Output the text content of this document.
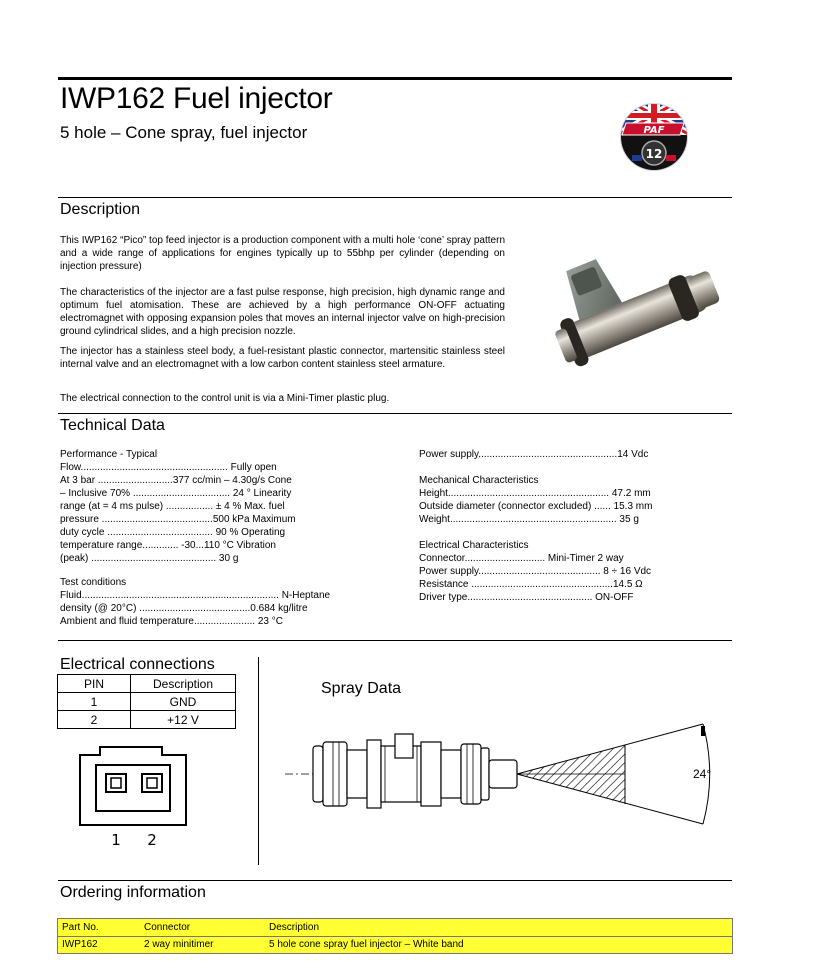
IWP162 Fuel injector
5 hole – Cone spray, fuel injector	PAF
12
Description
This IWP162 “Pico” top feed injector is a production component with a multi hole ‘cone’ spray pattern and a wide range of applications for engines typically up to 55bhp per cylinder (depending on injection pressure)
The characteristics of the injector are a fast pulse response, high precision, high dynamic range and optimum fuel atomisation. These are achieved by a high performance ON-OFF actuating electromagnet with opposing expansion poles that moves an internal injector valve on high-precision ground cylindrical slides, and a high precision nozzle.
The injector has a stainless steel body, a fuel-resistant plastic connector, martensitic stainless steel internal valve and an electromagnet with a low carbon content stainless steel armature.
The electrical connection to the control unit is via a Mini-Timer plastic plug.
Technical Data
Performance - Typical
Flow..................................................... Fully open
At 3 bar ...........................377 cc/min – 4.30g/s Cone
– Inclusive 70% ................................... 24 ° Linearity
range (at = 4 ms pulse) ................. ± 4 % Max. fuel
pressure ........................................500 kPa Maximum
duty cycle ...................................... 90 % Operating
temperature range............. -30...110 °C Vibration
(peak) ............................................. 30 g
Test conditions
Fluid....................................................................... N-Heptane
density (@ 20°C) ........................................0.684 kg/litre
Ambient and fluid temperature...................... 23 °C
Power supply..................................................14 Vdc
Mechanical Characteristics
Height.......................................................... 47.2 mm
Outside diameter (connector excluded) ...... 15.3 mm
Weight............................................................ 35 g
Electrical Characteristics
Connector............................. Mini-Timer 2 way
Power supply............................................ 8 ÷ 16 Vdc
Resistance ...................................................14.5 Ω
Driver type............................................. ON-OFF
Electrical connections
PIN	Description
1	GND
2	+12 V
1 2
Spray Data
24°
Ordering information
Part No.	Connector	Description
IWP162	2 way minitimer	5 hole cone spray fuel injector – White band
